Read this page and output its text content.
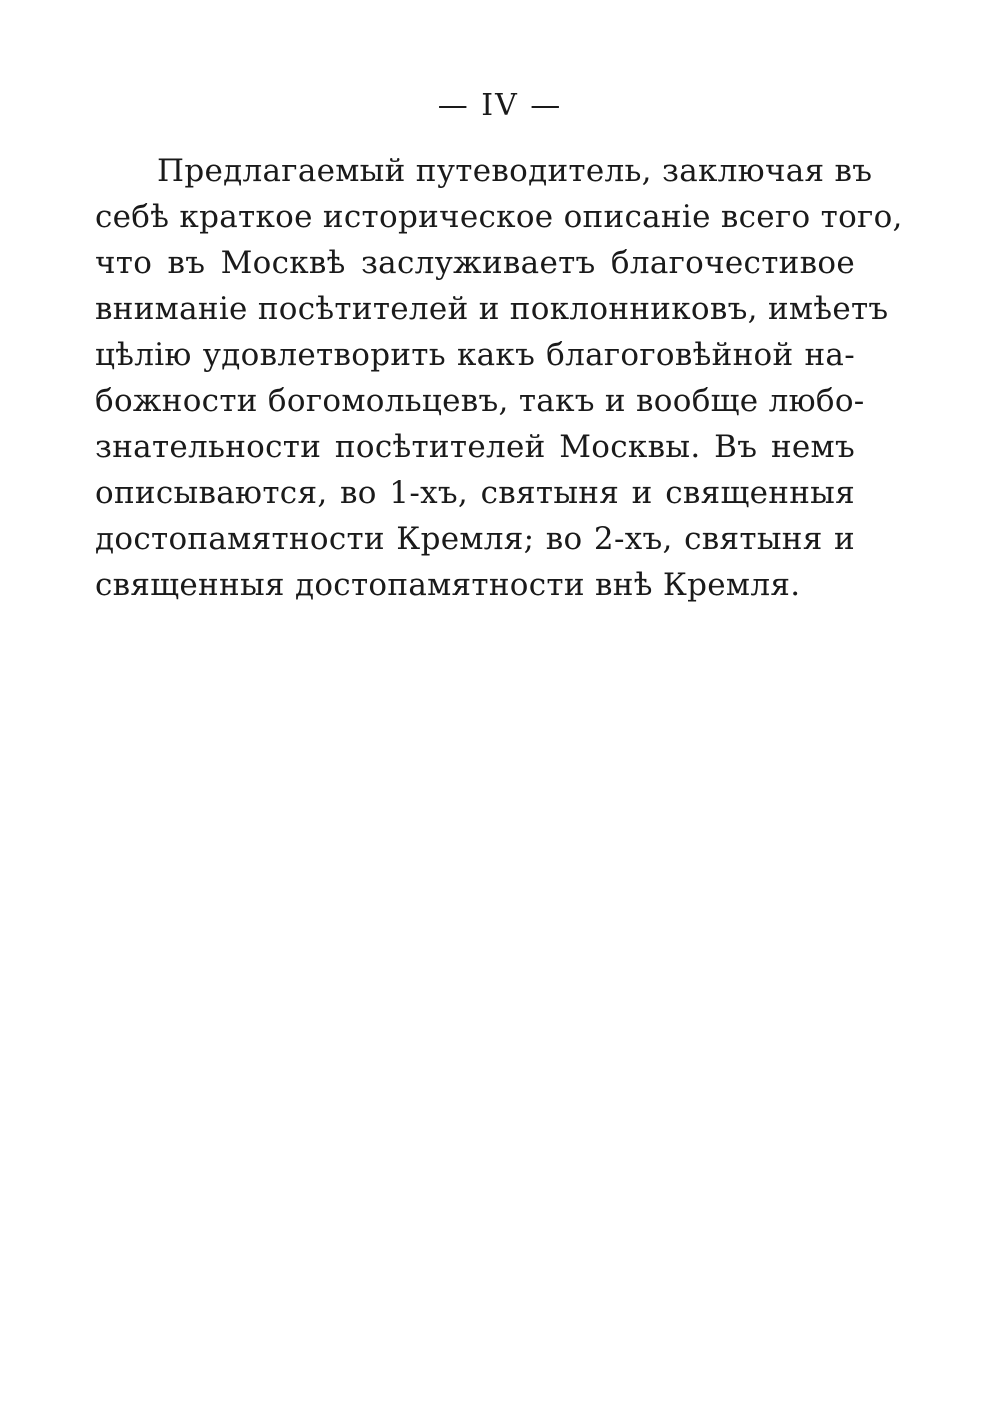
— IV —
Предлагаемый путеводитель, заключая въ
себѣ краткое историческое описаніе всего того,
что въ Москвѣ заслуживаетъ благочестивое
вниманіе посѣтителей и поклонниковъ, имѣетъ
цѣлію удовлетворить какъ благоговѣйной на-
божности богомольцевъ, такъ и вообще любо-
знательности посѣтителей Москвы. Въ немъ
описываются, во 1-хъ, святыня и священныя
достопамятности Кремля; во 2-хъ, святыня и
священныя достопамятности внѣ Кремля.
